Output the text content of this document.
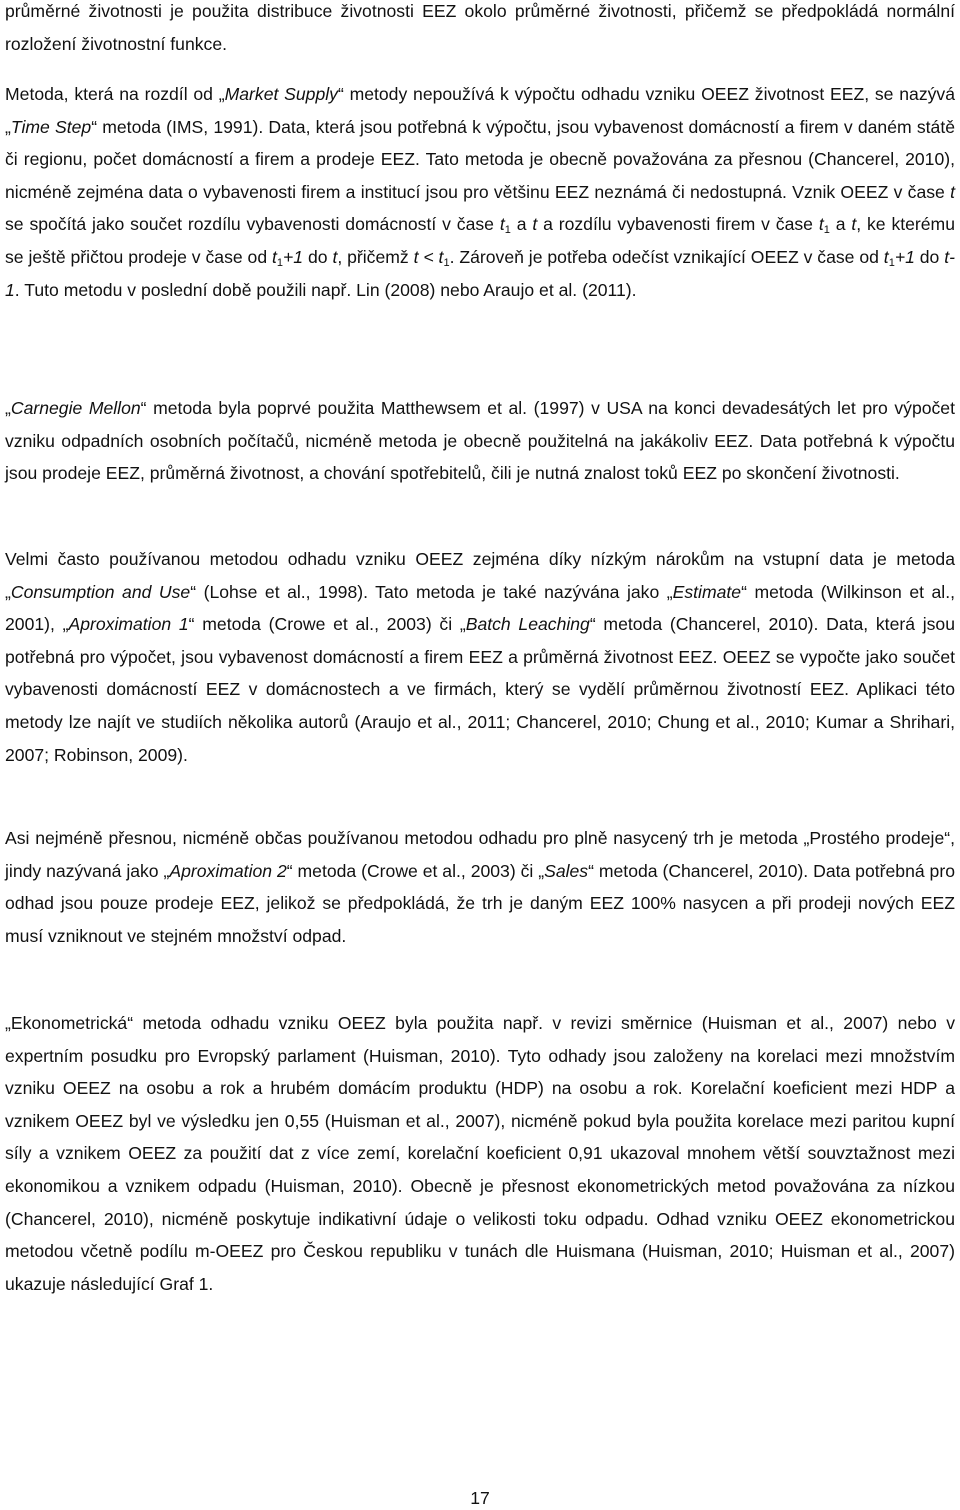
průměrné životnosti je použita distribuce životnosti EEZ okolo průměrné životnosti, přičemž se předpokládá normální rozložení životnostní funkce.

Metoda, která na rozdíl od „Market Supply“ metody nepoužívá k výpočtu odhadu vzniku OEEZ životnost EEZ, se nazývá „Time Step“ metoda (IMS, 1991). Data, která jsou potřebná k výpočtu, jsou vybavenost domácností a firem v daném státě či regionu, počet domácností a firem a prodeje EEZ. Tato metoda je obecně považována za přesnou (Chancerel, 2010), nicméně zejména data o vybavenosti firem a institucí jsou pro většinu EEZ neznámá či nedostupná. Vznik OEEZ v čase t se spočítá jako součet rozdílu vybavenosti domácností v čase $t_1$ a t a rozdílu vybavenosti firem v čase $t_1$ a t, ke kterému se ještě přičtou prodeje v čase od $t_1+1$ do t, přičemž $t < t_1$. Zároveň je potřeba odečíst vznikající OEEZ v čase od $t_1+1$ do t-1. Tuto metodu v poslední době použili např. Lin (2008) nebo Araujo et al. (2011).

„Carnegie Mellon“ metoda byla poprvé použita Matthewsem et al. (1997) v USA na konci devadesátých let pro výpočet vzniku odpadních osobních počítačů, nicméně metoda je obecně použitelná na jakákoliv EEZ. Data potřebná k výpočtu jsou prodeje EEZ, průměrná životnost, a chování spotřebitelů, čili je nutná znalost toků EEZ po skončení životnosti.

Velmi často používanou metodou odhadu vzniku OEEZ zejména díky nízkým nárokům na vstupní data je metoda „Consumption and Use“ (Lohse et al., 1998). Tato metoda je také nazývána jako „Estimate“ metoda (Wilkinson et al., 2001), „Aproximation 1“ metoda (Crowe et al., 2003) či „Batch Leaching“ metoda (Chancerel, 2010). Data, která jsou potřebná pro výpočet, jsou vybavenost domácností a firem EEZ a průměrná životnost EEZ. OEEZ se vypočte jako součet vybavenosti domácností EEZ v domácnostech a ve firmách, který se vydělí průměrnou životností EEZ. Aplikaci této metody lze najít ve studiích několika autorů (Araujo et al., 2011; Chancerel, 2010; Chung et al., 2010; Kumar a Shrihari, 2007; Robinson, 2009).

Asi nejméně přesnou, nicméně občas používanou metodou odhadu pro plně nasycený trh je metoda „Prostého prodeje“, jindy nazývaná jako „Aproximation 2“ metoda (Crowe et al., 2003) či „Sales“ metoda (Chancerel, 2010). Data potřebná pro odhad jsou pouze prodeje EEZ, jelikož se předpokládá, že trh je daným EEZ 100% nasycen a při prodeji nových EEZ musí vzniknout ve stejném množství odpad.

„Ekonometrická“ metoda odhadu vzniku OEEZ byla použita např. v revizi směrnice (Huisman et al., 2007) nebo v expertním posudku pro Evropský parlament (Huisman, 2010). Tyto odhady jsou založeny na korelaci mezi množstvím vzniku OEEZ na osobu a rok a hrubém domácím produktu (HDP) na osobu a rok. Korelační koeficient mezi HDP a vznikem OEEZ byl ve výsledku jen 0,55 (Huisman et al., 2007), nicméně pokud byla použita korelace mezi paritou kupní síly a vznikem OEEZ za použití dat z více zemí, korelační koeficient 0,91 ukazoval mnohem větší souvztažnost mezi ekonomikou a vznikem odpadu (Huisman, 2010). Obecně je přesnost ekonometrických metod považována za nízkou (Chancerel, 2010), nicméně poskytuje indikativní údaje o velikosti toku odpadu. Odhad vzniku OEEZ ekonometrickou metodou včetně podílu m-OEEZ pro Českou republiku v tunách dle Huismana (Huisman, 2010; Huisman et al., 2007) ukazuje následující Graf 1.

17
